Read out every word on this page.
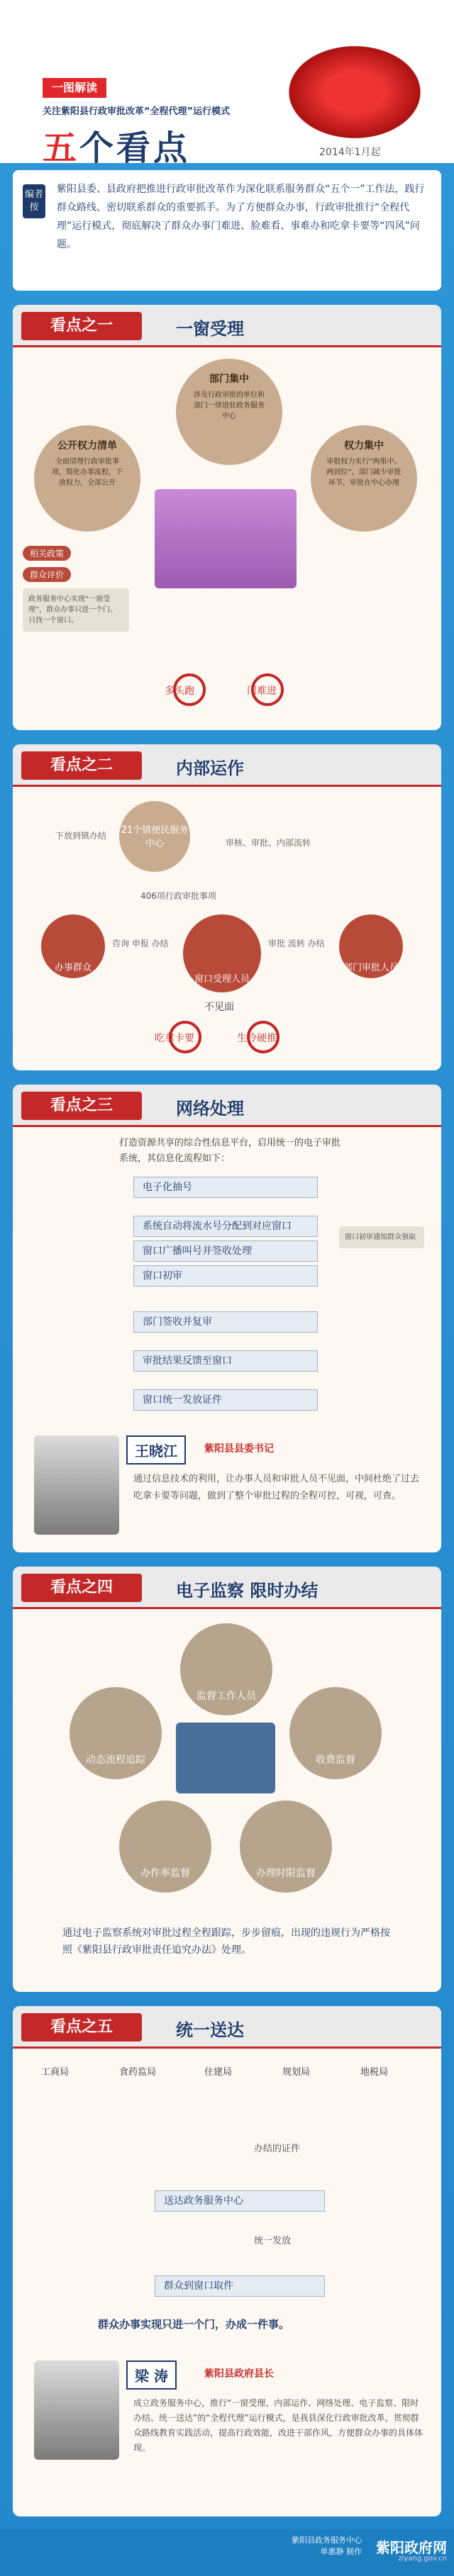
一图解读
关注紫阳县行政审批改革“全程代理”运行模式
五个看点	2014年1月起
编者按
紫阳县委、县政府把推进行政审批改革作为深化联系服务群众“五个一”工作法，践行群众路线、密切联系群众的重要抓手。为了方便群众办事，行政审批推行“全程代理”运行模式，彻底解决了群众办事门难进、脸难看、事难办和吃拿卡要等“四风”问题。
看点之一	一窗受理
部门集中
涉及行政审批的单位和部门一律进驻政务服务中心
公开权力清单
全面清理行政审批事项，简化办事流程，下放权力，全部公开
权力集中
审批权力实行“两集中、两到位”，部门减少审批环节，审批在中心办理
相关政策
群众评价
政务服务中心实现“一窗受理”，群众办事只进一个门、只找一个窗口。
多头跑	门难进
看点之二	内部运作
21个镇便民服务中心
下放到镇办结
审核、审批、内部流转
406项行政审批事项
办事群众
窗口受理人员
部门审批人员
咨询 申报 办结	审批 流转 办结
不见面
吃拿卡要	生冷硬推
看点之三	网络处理
打造资源共享的综合性信息平台，启用统一的电子审批系统，其信息化流程如下：
电子化抽号
系统自动将流水号分配到对应窗口
窗口广播叫号并签收处理
窗口初审
窗口初审通知群众领取
部门签收并复审
审批结果反馈至窗口
窗口统一发放证件
王晓江	紫阳县县委书记
通过信息技术的利用，让办事人员和审批人员不见面，中间杜绝了过去吃拿卡要等问题，做到了整个审批过程的全程可控，可视，可查。
看点之四	电子监察 限时办结
监督工作人员
动态流程追踪	收费监督
办件率监督	办理时限监督
通过电子监察系统对审批过程全程跟踪，步步留痕，出现的违规行为严格按照《紫阳县行政审批责任追究办法》处理。
看点之五	统一送达
工商局	食药监局	住建局	规划局	地税局
办结的证件
送达政务服务中心
统一发放
群众到窗口取件
群众办事实现只进一个门，办成一件事。
梁 涛	紫阳县政府县长
成立政务服务中心，推行“一窗受理、内部运作、网络处理、电子监察、限时办结、统一送达”的“全程代理”运行模式，是我县深化行政审批改革，贯彻群众路线教育实践活动，提高行政效能，改进干部作风，方便群众办事的具体体现。
紫阳县政务服务中心
单惠静 制作 紫阳政府网
ziyang.gov.cn
